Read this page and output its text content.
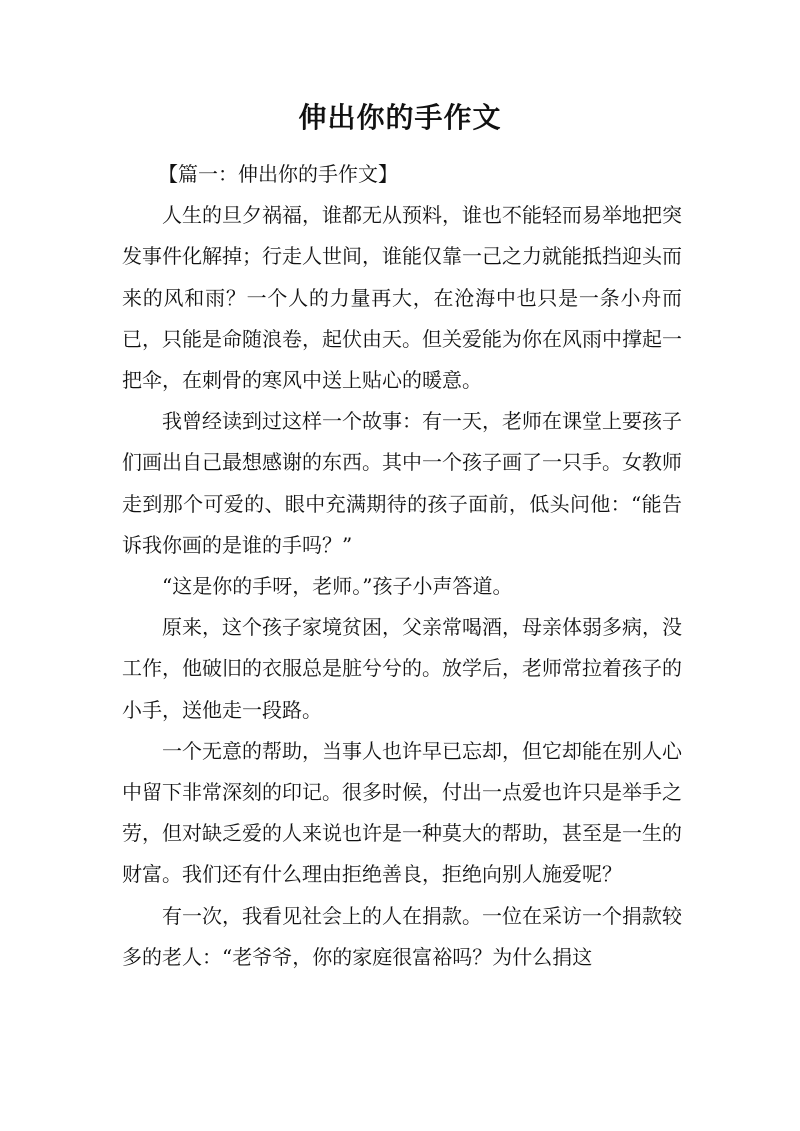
伸出你的手作文

【篇一：伸出你的手作文】

人生的旦夕祸福，谁都无从预料，谁也不能轻而易举地把突发事件化解掉；行走人世间，谁能仅靠一己之力就能抵挡迎头而来的风和雨？一个人的力量再大，在沧海中也只是一条小舟而已，只能是命随浪卷，起伏由天。但关爱能为你在风雨中撑起一把伞，在刺骨的寒风中送上贴心的暖意。

我曾经读到过这样一个故事：有一天，老师在课堂上要孩子们画出自己最想感谢的东西。其中一个孩子画了一只手。女教师走到那个可爱的、眼中充满期待的孩子面前，低头问他：“能告诉我你画的是谁的手吗？”

“这是你的手呀，老师。”孩子小声答道。

原来，这个孩子家境贫困，父亲常喝酒，母亲体弱多病，没工作，他破旧的衣服总是脏兮兮的。放学后，老师常拉着孩子的小手，送他走一段路。

一个无意的帮助，当事人也许早已忘却，但它却能在别人心中留下非常深刻的印记。很多时候，付出一点爱也许只是举手之劳，但对缺乏爱的人来说也许是一种莫大的帮助，甚至是一生的财富。我们还有什么理由拒绝善良，拒绝向别人施爱呢？

有一次，我看见社会上的人在捐款。一位在采访一个捐款较多的老人：“老爷爷，你的家庭很富裕吗？为什么捐这
